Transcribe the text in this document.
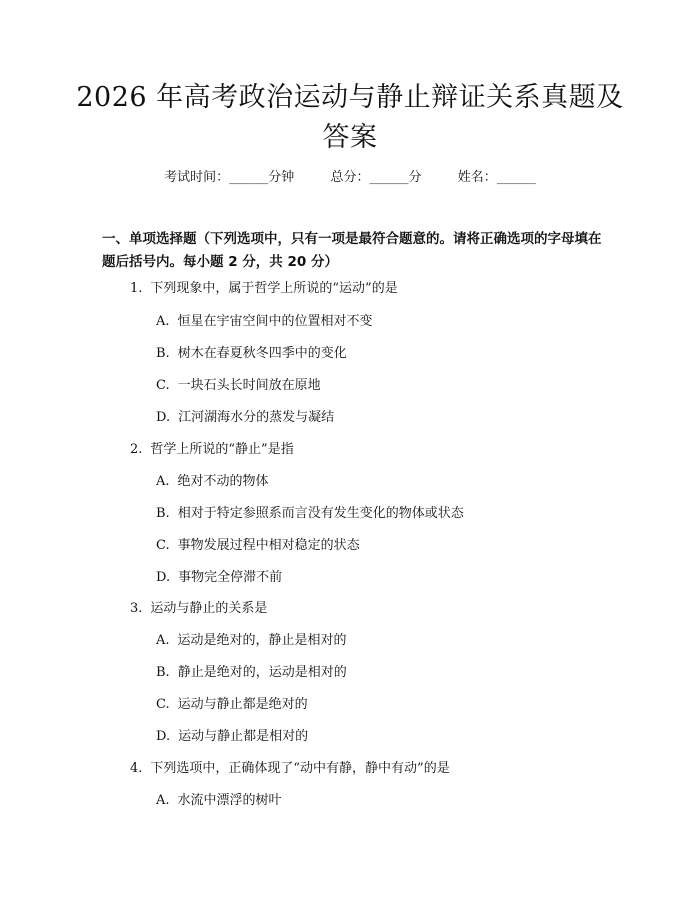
2026 年高考政治运动与静止辩证关系真题及
答案
考试时间：______分钟	总分：______分	姓名：______
一、单项选择题（下列选项中，只有一项是最符合题意的。请将正确选项的字母填在题后括号内。每小题 2 分，共 20 分）
1. 下列现象中，属于哲学上所说的“运动”的是
A. 恒星在宇宙空间中的位置相对不变
B. 树木在春夏秋冬四季中的变化
C. 一块石头长时间放在原地
D. 江河湖海水分的蒸发与凝结
2. 哲学上所说的“静止”是指
A. 绝对不动的物体
B. 相对于特定参照系而言没有发生变化的物体或状态
C. 事物发展过程中相对稳定的状态
D. 事物完全停滞不前
3. 运动与静止的关系是
A. 运动是绝对的，静止是相对的
B. 静止是绝对的，运动是相对的
C. 运动与静止都是绝对的
D. 运动与静止都是相对的
4. 下列选项中，正确体现了“动中有静，静中有动”的是
A. 水流中漂浮的树叶
